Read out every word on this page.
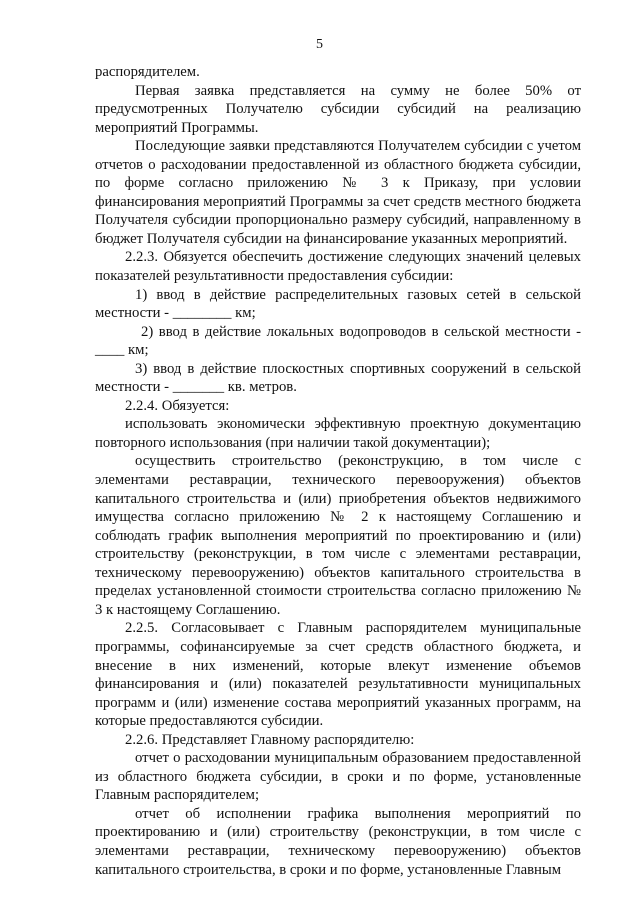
5

распорядителем.

Первая заявка представляется на сумму не более 50% от предусмотренных Получателю субсидии субсидий на реализацию мероприятий Программы.

Последующие заявки представляются Получателем субсидии с учетом отчетов о расходовании предоставленной из областного бюджета субсидии, по форме согласно приложению № 3 к Приказу, при условии финансирования мероприятий Программы за счет средств местного бюджета Получателя субсидии пропорционально размеру субсидий, направленному в бюджет Получателя субсидии на финансирование указанных мероприятий.

2.2.3. Обязуется обеспечить достижение следующих значений целевых показателей результативности предоставления субсидии:

1) ввод в действие распределительных газовых сетей в сельской местности - ________ км;

2) ввод в действие локальных водопроводов в сельской местности - ____ км;

3) ввод в действие плоскостных спортивных сооружений в сельской местности - _______ кв. метров.

2.2.4. Обязуется:

использовать экономически эффективную проектную документацию повторного использования (при наличии такой документации);

осуществить строительство (реконструкцию, в том числе с элементами реставрации, технического перевооружения) объектов капитального строительства и (или) приобретения объектов недвижимого имущества согласно приложению № 2 к настоящему Соглашению и соблюдать график выполнения мероприятий по проектированию и (или) строительству (реконструкции, в том числе с элементами реставрации, техническому перевооружению) объектов капитального строительства в пределах установленной стоимости строительства согласно приложению № 3 к настоящему Соглашению.

2.2.5. Согласовывает с Главным распорядителем муниципальные программы, софинансируемые за счет средств областного бюджета, и внесение в них изменений, которые влекут изменение объемов финансирования и (или) показателей результативности муниципальных программ и (или) изменение состава мероприятий указанных программ, на которые предоставляются субсидии.

2.2.6. Представляет Главному распорядителю:

отчет о расходовании муниципальным образованием предоставленной из областного бюджета субсидии, в сроки и по форме, установленные Главным распорядителем;

отчет об исполнении графика выполнения мероприятий по проектированию и (или) строительству (реконструкции, в том числе с элементами реставрации, техническому перевооружению) объектов капитального строительства, в сроки и по форме, установленные Главным
